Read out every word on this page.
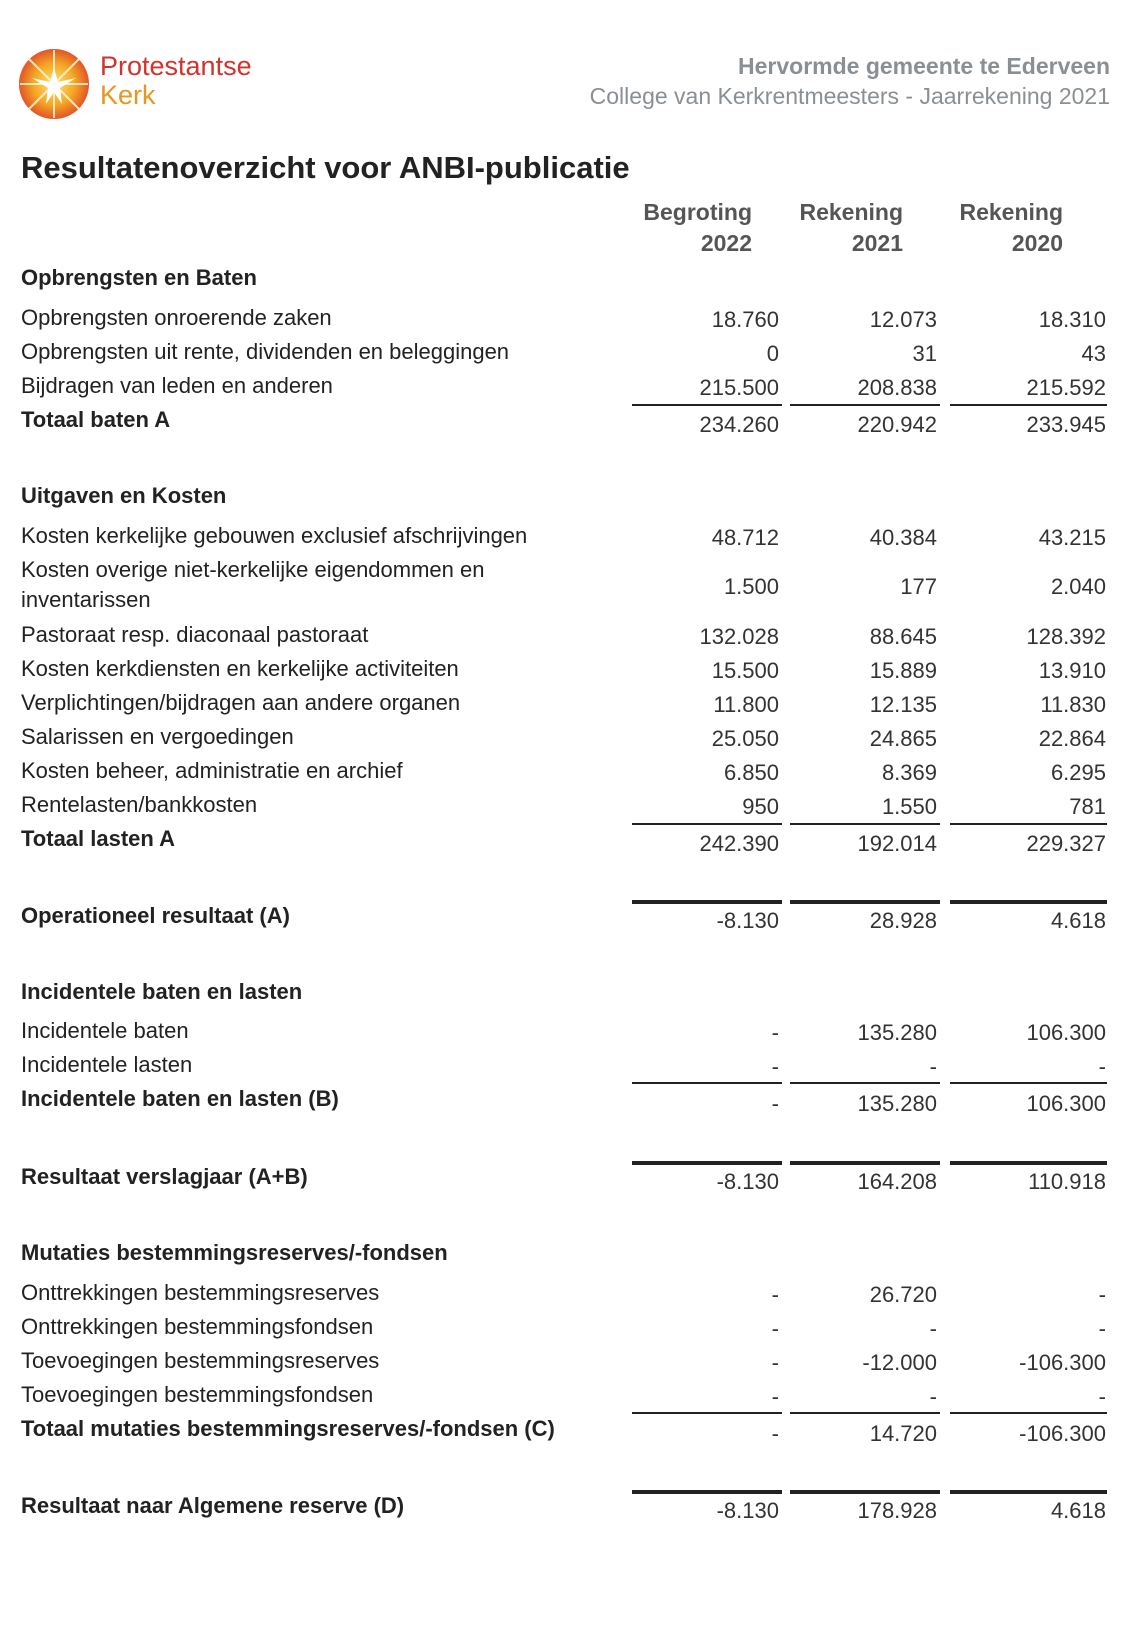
Protestantse
Kerk
Hervormde gemeente te Ederveen
College van Kerkrentmeesters - Jaarrekening 2021
Resultatenoverzicht voor ANBI-publicatie
Begroting
2022
Rekening
2021
Rekening
2020
Opbrengsten en Baten
Opbrengsten onroerende zaken	18.760	12.073	18.310
Opbrengsten uit rente, dividenden en beleggingen	0	31	43
Bijdragen van leden en anderen	215.500	208.838	215.592
Totaal baten A	234.260	220.942	233.945
Uitgaven en Kosten
Kosten kerkelijke gebouwen exclusief afschrijvingen	48.712	40.384	43.215
Kosten overige niet-kerkelijke eigendommen en
inventarissen
1.500	177	2.040
Pastoraat resp. diaconaal pastoraat	132.028	88.645	128.392
Kosten kerkdiensten en kerkelijke activiteiten	15.500	15.889	13.910
Verplichtingen/bijdragen aan andere organen	11.800	12.135	11.830
Salarissen en vergoedingen	25.050	24.865	22.864
Kosten beheer, administratie en archief	6.850	8.369	6.295
Rentelasten/bankkosten	950	1.550	781
Totaal lasten A	242.390	192.014	229.327
Operationeel resultaat (A)	-8.130	28.928	4.618
Incidentele baten en lasten
Incidentele baten	-	135.280	106.300
Incidentele lasten	-	-	-
Incidentele baten en lasten (B)	-	135.280	106.300
Resultaat verslagjaar (A+B)	-8.130	164.208	110.918
Mutaties bestemmingsreserves/-fondsen
Onttrekkingen bestemmingsreserves	-	26.720	-
Onttrekkingen bestemmingsfondsen	-	-	-
Toevoegingen bestemmingsreserves	-	-12.000	-106.300
Toevoegingen bestemmingsfondsen	-	-	-
Totaal mutaties bestemmingsreserves/-fondsen (C)	-	14.720	-106.300
Resultaat naar Algemene reserve (D)	-8.130	178.928	4.618
